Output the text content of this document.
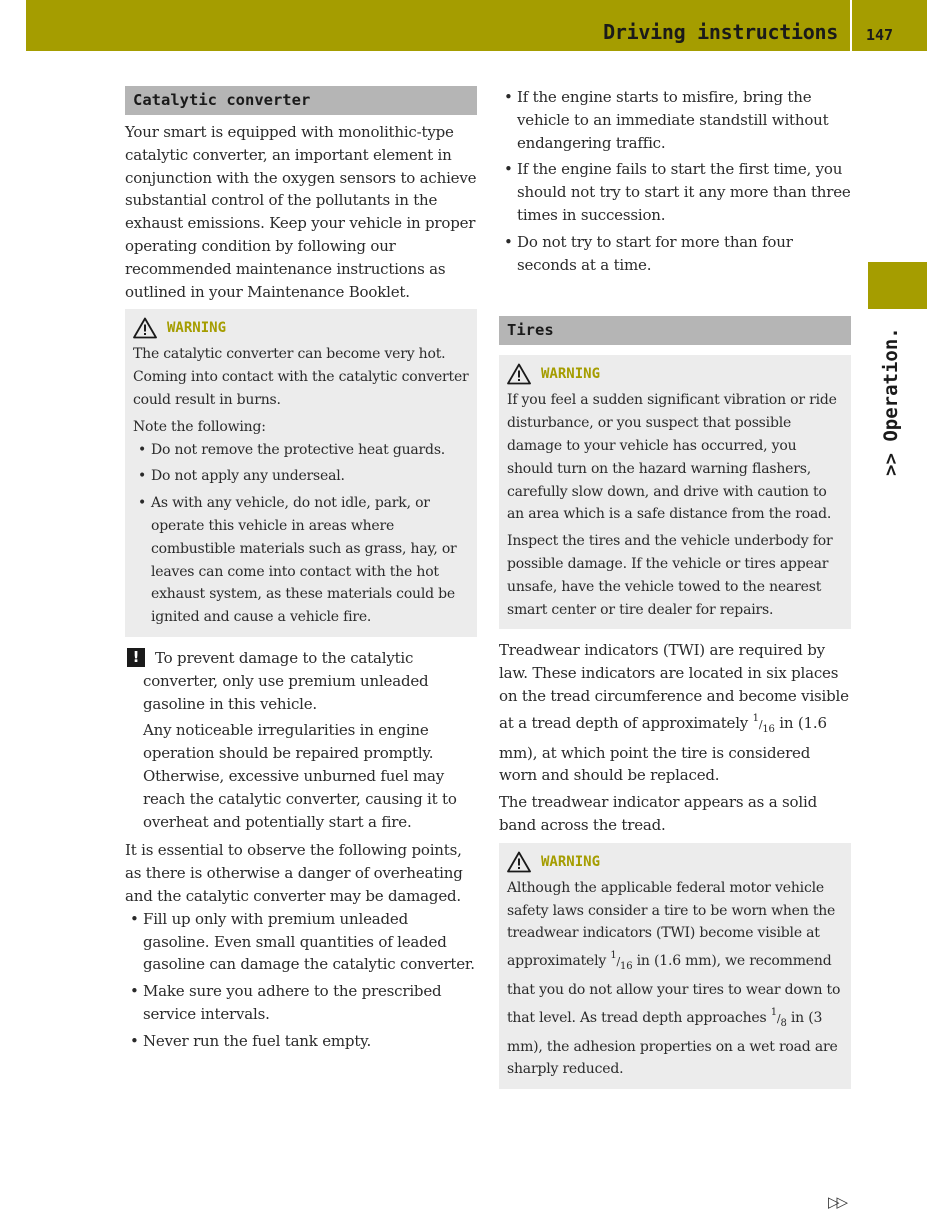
Driving instructions 147
>> Operation.
Catalytic converter

Your smart is equipped with monolithic-type catalytic converter, an important element in conjunction with the oxygen sensors to achieve substantial control of the pollutants in the exhaust emissions. Keep your vehicle in proper operating condition by following our recommended maintenance instructions as outlined in your Maintenance Booklet.

WARNING

The catalytic converter can become very hot. Coming into contact with the catalytic converter could result in burns.

Note the following:

• Do not remove the protective heat guards.
• Do not apply any underseal.
• As with any vehicle, do not idle, park, or operate this vehicle in areas where combustible materials such as grass, hay, or leaves can come into contact with the hot exhaust system, as these materials could be ignited and cause a vehicle fire.
!	To prevent damage to the catalytic converter, only use premium unleaded gasoline in this vehicle.

Any noticeable irregularities in engine operation should be repaired promptly. Otherwise, excessive unburned fuel may reach the catalytic converter, causing it to overheat and potentially start a fire.

It is essential to observe the following points, as there is otherwise a danger of overheating and the catalytic converter may be damaged.

• Fill up only with premium unleaded gasoline. Even small quantities of leaded gasoline can damage the catalytic converter.
• Make sure you adhere to the prescribed service intervals.
• Never run the fuel tank empty.
• If the engine starts to misfire, bring the vehicle to an immediate standstill without endangering traffic.
• If the engine fails to start the first time, you should not try to start it any more than three times in succession.
• Do not try to start for more than four seconds at a time.
Tires
WARNING

If you feel a sudden significant vibration or ride disturbance, or you suspect that possible damage to your vehicle has occurred, you should turn on the hazard warning flashers, carefully slow down, and drive with caution to an area which is a safe distance from the road.

Inspect the tires and the vehicle underbody for possible damage. If the vehicle or tires appear unsafe, have the vehicle towed to the nearest smart center or tire dealer for repairs.

Treadwear indicators (TWI) are required by law. These indicators are located in six places on the tread circumference and become visible at a tread depth of approximately $^1/_{16}$ in (1.6 mm), at which point the tire is considered worn and should be replaced.

The treadwear indicator appears as a solid band across the tread.

WARNING

Although the applicable federal motor vehicle safety laws consider a tire to be worn when the treadwear indicators (TWI) become visible at approximately $^1/_{16}$ in (1.6 mm), we recommend that you do not allow your tires to wear down to that level. As tread depth approaches $^1/_8$ in (3 mm), the adhesion properties on a wet road are sharply reduced.

▷▷
